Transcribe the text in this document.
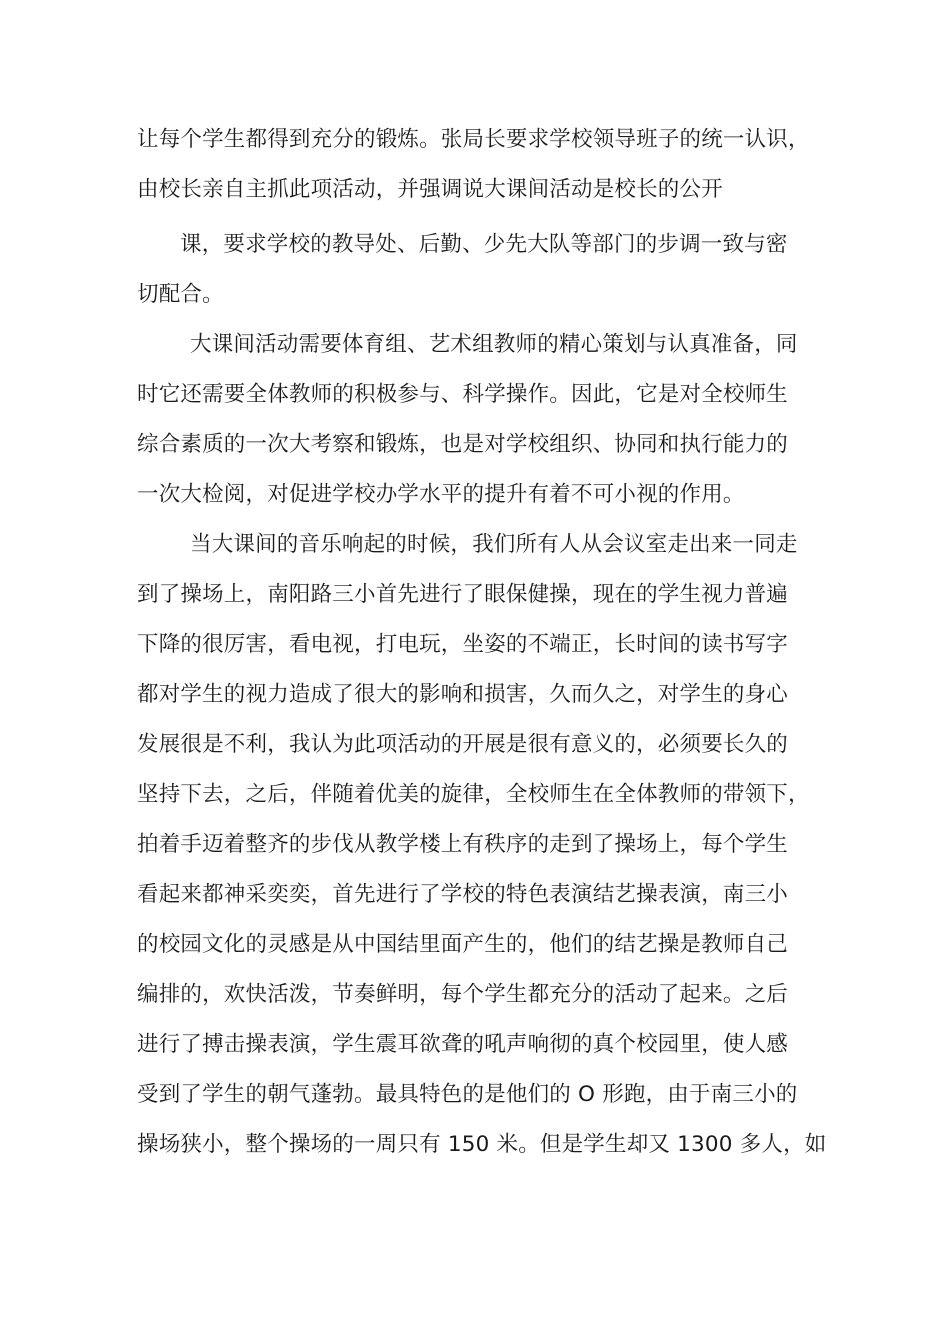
让每个学生都得到充分的锻炼。张局长要求学校领导班子的统一认识，
由校长亲自主抓此项活动，并强调说大课间活动是校长的公开
课，要求学校的教导处、后勤、少先大队等部门的步调一致与密
切配合。
大课间活动需要体育组、艺术组教师的精心策划与认真准备，同
时它还需要全体教师的积极参与、科学操作。因此，它是对全校师生
综合素质的一次大考察和锻炼，也是对学校组织、协同和执行能力的
一次大检阅，对促进学校办学水平的提升有着不可小视的作用。
当大课间的音乐响起的时候，我们所有人从会议室走出来一同走
到了操场上，南阳路三小首先进行了眼保健操，现在的学生视力普遍
下降的很厉害，看电视，打电玩，坐姿的不端正，长时间的读书写字
都对学生的视力造成了很大的影响和损害，久而久之，对学生的身心
发展很是不利，我认为此项活动的开展是很有意义的，必须要长久的
坚持下去，之后，伴随着优美的旋律，全校师生在全体教师的带领下，
拍着手迈着整齐的步伐从教学楼上有秩序的走到了操场上，每个学生
看起来都神采奕奕，首先进行了学校的特色表演结艺操表演，南三小
的校园文化的灵感是从中国结里面产生的，他们的结艺操是教师自己
编排的，欢快活泼，节奏鲜明，每个学生都充分的活动了起来。之后
进行了搏击操表演，学生震耳欲聋的吼声响彻的真个校园里，使人感
受到了学生的朝气蓬勃。最具特色的是他们的 O 形跑，由于南三小的
操场狭小，整个操场的一周只有 150 米。但是学生却又 1300 多人，如
